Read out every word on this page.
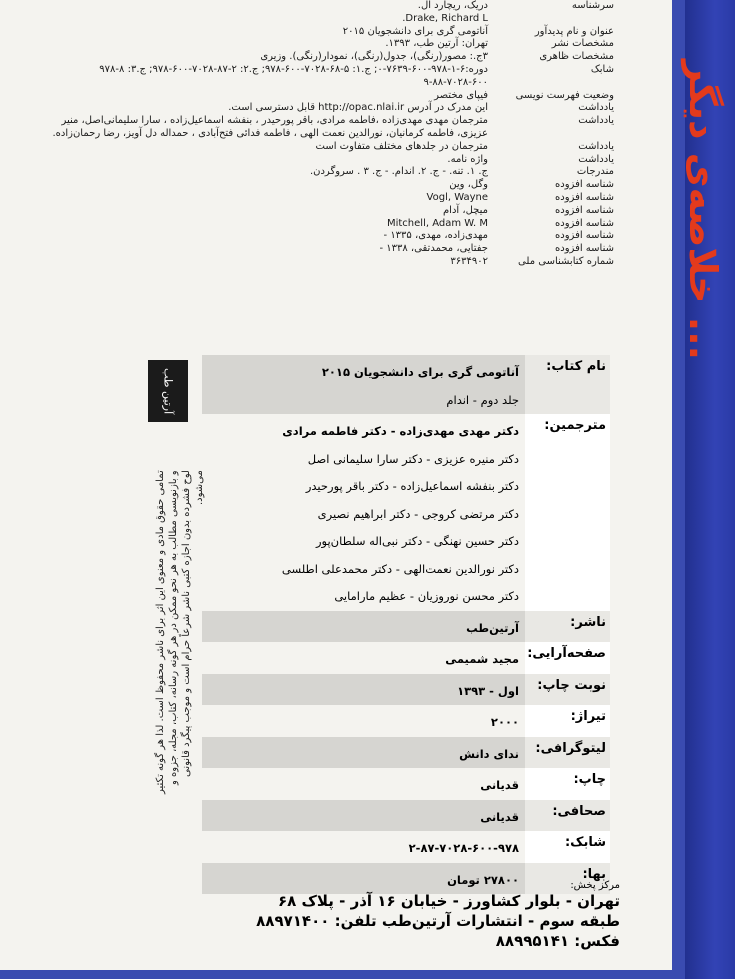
سرشناسه
دریک، ریچارد ال.
Drake, Richard L.
عنوان و نام پدیدآور
آناتومی گری برای دانشجویان ۲۰۱۵
مشخصات نشر
تهران: آرتین طب، ۱۳۹۳.
مشخصات ظاهری
۳ج.: مصور(رنگی)، جدول(رنگی)، نمودار(رنگی). وزیری
شابک
دوره:۶-۱-۹۷۸-۶۰۰-۷۶۳۹-۰; ج.۱: ۵-۶۸-۷۰۲۸-۶۰۰-۹۷۸; ج.۲: ۲-۸۷-۷۰۲۸-۶۰۰-۹۷۸; ج.۳: ۸-۹۷۸
۹-۸۸-۷۰۲۸-۶۰۰
وضعیت فهرست نویسی
فیپای مختصر
یادداشت
این مدرک در آدرس http://opac.nlai.ir قابل دسترسی است.
یادداشت
مترجمان مهدی مهدی‌زاده ،فاطمه مرادی، باقر پورحیدر ، بنفشه اسماعیل‌زاده ، سارا سلیمانی‌اصل، منیر
عزیزی، فاطمه کرمانیان، نورالدین نعمت الهی ، فاطمه فدائی فتح‌آبادی ، حمداله دل آویز، رضا رحمان‌زاده.
یادداشت
مترجمان در جلدهای مختلف متفاوت است
یادداشت
واژه نامه.
مندرجات
ج. ۱. تنه. - ج. ۲. اندام. - ج. ۳ . سروگردن.
شناسه افزوده
وگل، وین
شناسه افزوده
Vogl, Wayne
شناسه افزوده
میچل، آدام
شناسه افزوده
Mitchell, Adam W. M
شناسه افزوده
مهدی‌زاده، مهدی، ۱۳۳۵ -
شناسه افزوده
جفتایی، محمدتقی، ۱۳۳۸ -
شماره کتابشناسی ملی
۳۶۳۴۹۰۲
آرتین طب
تمامی حقوق مادی و معنوی این اثر برای ناشر محفوظ است. لذا هر گونه تکثیر و بازنویسی مطالب به هر نحو ممکن در هر گونه رسانه، کتاب، مجله، جزوه و لوح فشرده بدون اجازه کتبی ناشر شرعاً حرام است و موجب پیگرد قانونی می‌شود.
نام کتاب:
آناتومی گری برای دانشجویان ۲۰۱۵
جلد دوم - اندام
مترجمین:
دکتر مهدی مهدی‌زاده - دکتر فاطمه مرادی
دکتر منیره عزیزی - دکتر سارا سلیمانی اصل
دکتر بنفشه اسماعیل‌زاده - دکتر باقر پورحیدر
دکتر مرتضی کروجی - دکتر ابراهیم نصیری
دکتر حسین نهنگی - دکتر نبی‌اله سلطان‌پور
دکتر نورالدین نعمت‌الهی - دکتر محمدعلی اطلسی
دکتر محسن نوروزیان - عظیم مارامایی
ناشر:
آرتین‌طب
صفحه‌آرایی:
مجید شمیمی
نوبت چاپ:
اول - ۱۳۹۳
تیراژ:
۲۰۰۰
لیتوگرافی:
ندای دانش
چاپ:
قدیانی
صحافی:
قدیانی
شابک:
۲-۸۷-۷۰۲۸-۶۰۰-۹۷۸
بها:
۲۷۸۰۰ تومان	مرکز پخش:
تهران - بلوار کشاورز - خیابان ۱۶ آذر - پلاک ۶۸
طبقه سوم - انتشارات آرتین‌طب تلفن: ۸۸۹۷۱۴۰۰
فکس: ۸۸۹۹۵۱۴۱
خلاصه‌ی دیگر ...
